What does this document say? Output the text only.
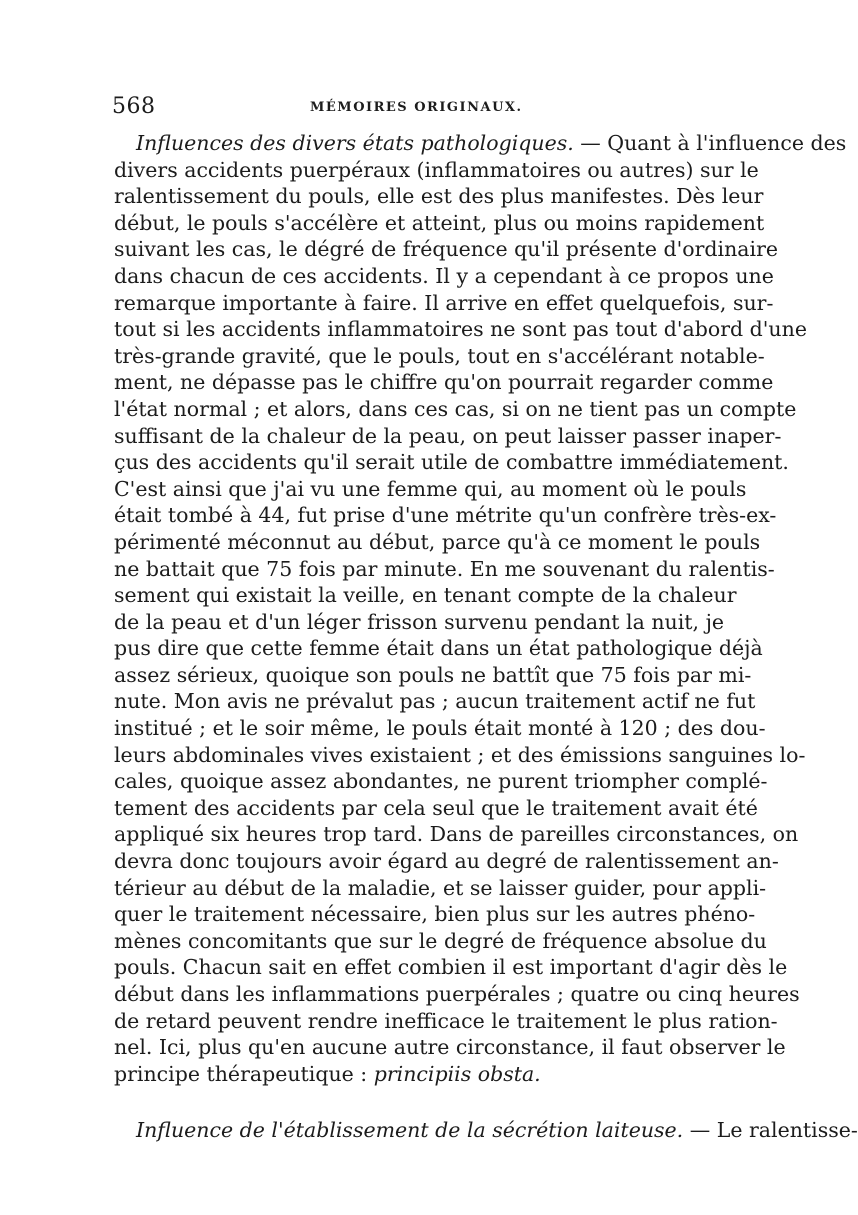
568	MÉMOIRES ORIGINAUX.
Influences des divers états pathologiques. — Quant à l'influence des
divers accidents puerpéraux (inflammatoires ou autres) sur le
ralentissement du pouls, elle est des plus manifestes. Dès leur
début, le pouls s'accélère et atteint, plus ou moins rapidement
suivant les cas, le dégré de fréquence qu'il présente d'ordinaire
dans chacun de ces accidents. Il y a cependant à ce propos une
remarque importante à faire. Il arrive en effet quelquefois, sur-
tout si les accidents inflammatoires ne sont pas tout d'abord d'une
très-grande gravité, que le pouls, tout en s'accélérant notable-
ment, ne dépasse pas le chiffre qu'on pourrait regarder comme
l'état normal ; et alors, dans ces cas, si on ne tient pas un compte
suffisant de la chaleur de la peau, on peut laisser passer inaper-
çus des accidents qu'il serait utile de combattre immédiatement.
C'est ainsi que j'ai vu une femme qui, au moment où le pouls
était tombé à 44, fut prise d'une métrite qu'un confrère très-ex-
périmenté méconnut au début, parce qu'à ce moment le pouls
ne battait que 75 fois par minute. En me souvenant du ralentis-
sement qui existait la veille, en tenant compte de la chaleur
de la peau et d'un léger frisson survenu pendant la nuit, je
pus dire que cette femme était dans un état pathologique déjà
assez sérieux, quoique son pouls ne battît que 75 fois par mi-
nute. Mon avis ne prévalut pas ; aucun traitement actif ne fut
institué ; et le soir même, le pouls était monté à 120 ; des dou-
leurs abdominales vives existaient ; et des émissions sanguines lo-
cales, quoique assez abondantes, ne purent triompher complé-
tement des accidents par cela seul que le traitement avait été
appliqué six heures trop tard. Dans de pareilles circonstances, on
devra donc toujours avoir égard au degré de ralentissement an-
térieur au début de la maladie, et se laisser guider, pour appli-
quer le traitement nécessaire, bien plus sur les autres phéno-
mènes concomitants que sur le degré de fréquence absolue du
pouls. Chacun sait en effet combien il est important d'agir dès le
début dans les inflammations puerpérales ; quatre ou cinq heures
de retard peuvent rendre inefficace le traitement le plus ration-
nel. Ici, plus qu'en aucune autre circonstance, il faut observer le
principe thérapeutique : principiis obsta.
Influence de l'établissement de la sécrétion laiteuse. — Le ralentisse-
